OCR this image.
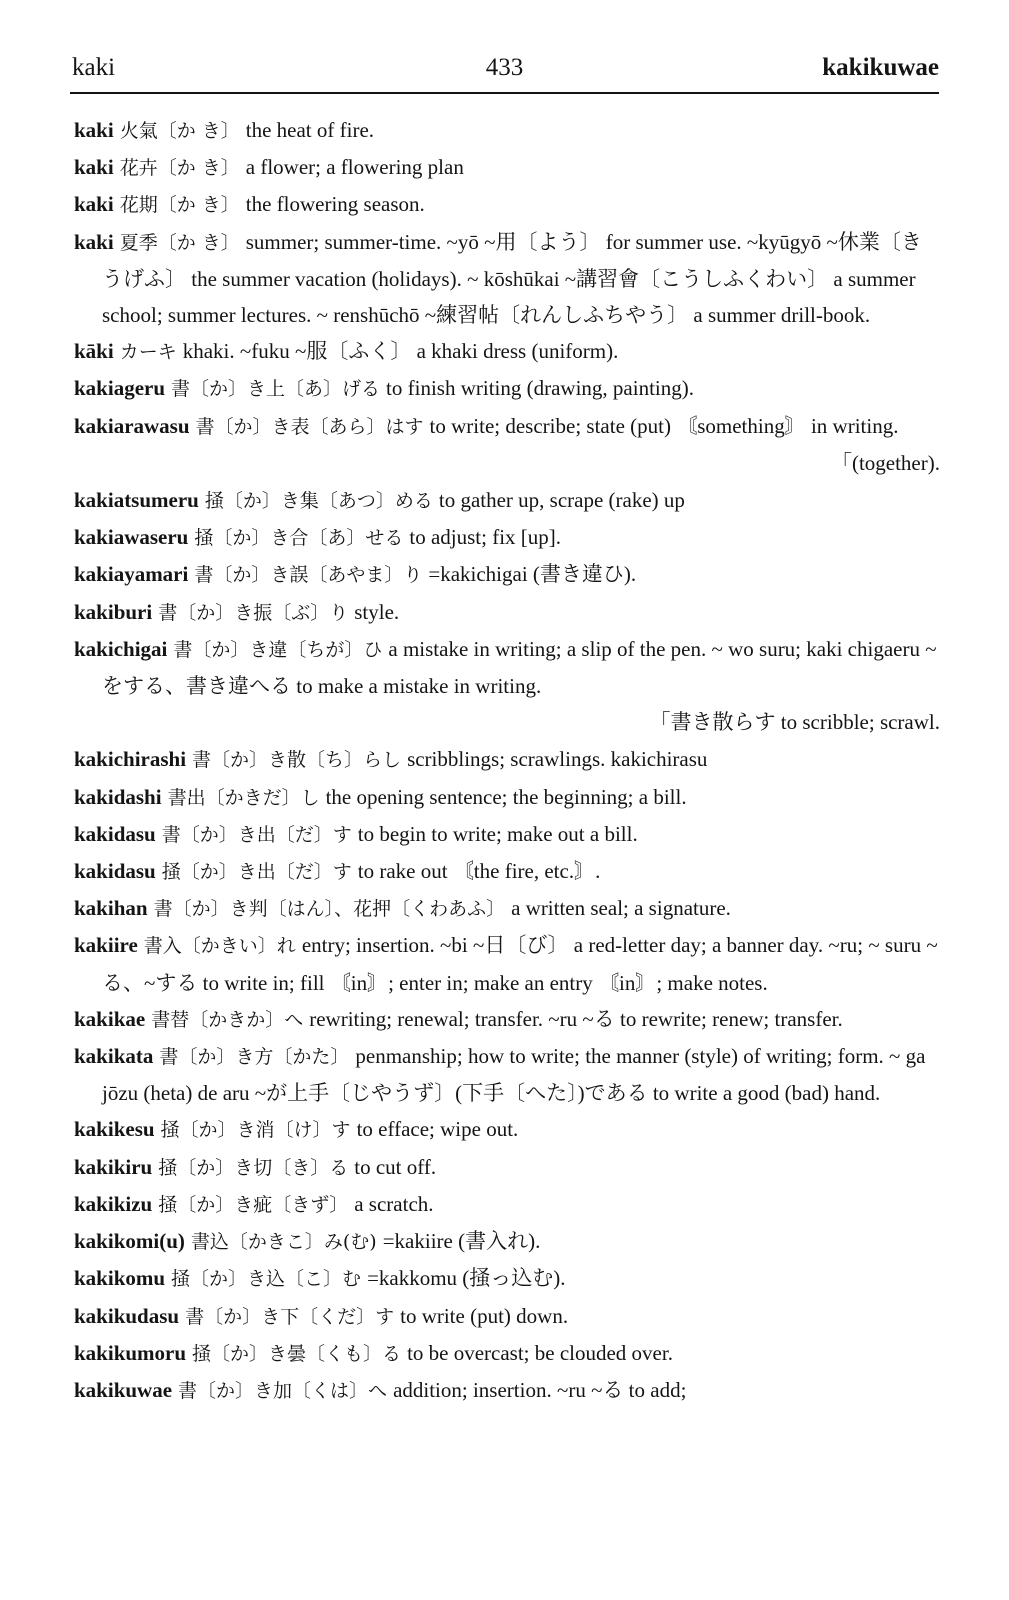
kaki	433	kakikuwae

kaki 火氣〔か き〕 the heat of fire.

kaki 花卉〔か き〕 a flower; a flowering plan

kaki 花期〔か き〕 the flowering season.

kaki 夏季〔か き〕 summer; summer-time. ~yō ~用〔よう〕 for summer use. ~kyūgyō ~休業〔きうげふ〕 the summer vacation (holidays). ~ kōshūkai ~講習會〔こうしふくわい〕 a summer school; summer lectures. ~ renshūchō ~練習帖〔れんしふちやう〕 a summer drill-book.

kāki カーキ khaki. ~fuku ~服〔ふく〕 a khaki dress (uniform).

kakiageru 書〔か〕き上〔あ〕げる to finish writing (drawing, painting).

kakiarawasu 書〔か〕き表〔あら〕はす to write; describe; state (put) 〘something〙 in writing.

「(together).

kakiatsumeru 掻〔か〕き集〔あつ〕める to gather up, scrape (rake) up

kakiawaseru 掻〔か〕き合〔あ〕せる to adjust; fix [up].

kakiayamari 書〔か〕き誤〔あやま〕り =kakichigai (書き違ひ).

kakiburi 書〔か〕き振〔ぶ〕り style.

kakichigai 書〔か〕き違〔ちが〕ひ a mistake in writing; a slip of the pen. ~ wo suru; kaki chigaeru ~をする、書き違へる to make a mistake in writing.

「書き散らす to scribble; scrawl.

kakichirashi 書〔か〕き散〔ち〕らし scribblings; scrawlings. kakichirasu

kakidashi 書出〔かきだ〕し the opening sentence; the beginning; a bill.

kakidasu 書〔か〕き出〔だ〕す to begin to write; make out a bill.

kakidasu 掻〔か〕き出〔だ〕す to rake out 〘the fire, etc.〙.

kakihan 書〔か〕き判〔はん〕、花押〔くわあふ〕 a written seal; a signature.

kakiire 書入〔かきい〕れ entry; insertion. ~bi ~日〔び〕 a red-letter day; a banner day. ~ru; ~ suru ~る、~する to write in; fill 〘in〙; enter in; make an entry 〘in〙; make notes.

kakikae 書替〔かきか〕へ rewriting; renewal; transfer. ~ru ~る to rewrite; renew; transfer.

kakikata 書〔か〕き方〔かた〕 penmanship; how to write; the manner (style) of writing; form. ~ ga jōzu (heta) de aru ~が上手〔じやうず〕(下手〔へた〕)である to write a good (bad) hand.

kakikesu 掻〔か〕き消〔け〕す to efface; wipe out.

kakikiru 掻〔か〕き切〔き〕る to cut off.

kakikizu 掻〔か〕き疵〔きず〕 a scratch.

kakikomi(u) 書込〔かきこ〕み(む) =kakiire (書入れ).

kakikomu 掻〔か〕き込〔こ〕む =kakkomu (掻っ込む).

kakikudasu 書〔か〕き下〔くだ〕す to write (put) down.

kakikumoru 掻〔か〕き曇〔くも〕る to be overcast; be clouded over.

kakikuwae 書〔か〕き加〔くは〕へ addition; insertion. ~ru ~る to add;
